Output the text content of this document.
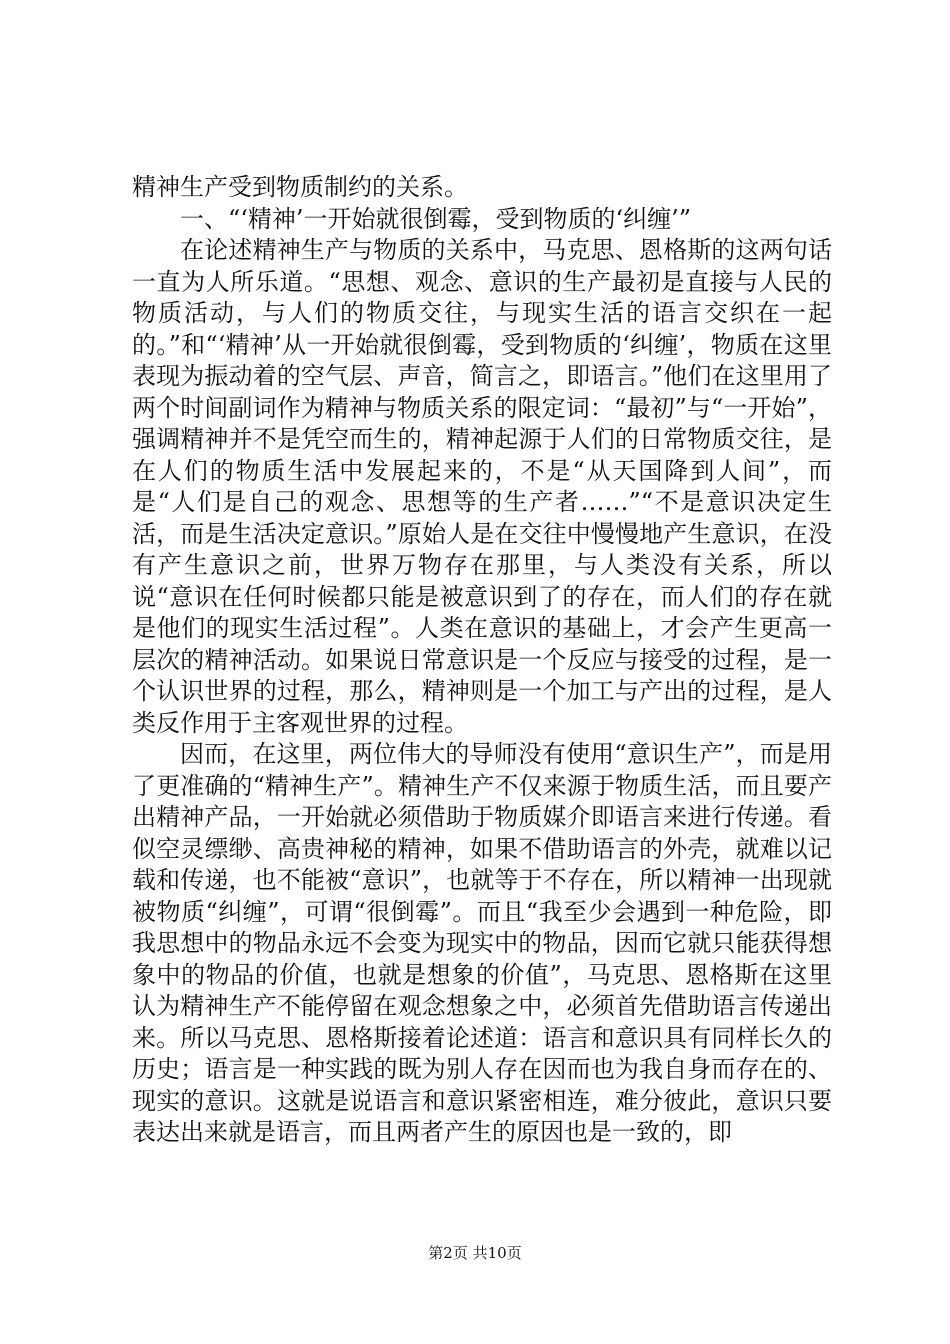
精神生产受到物质制约的关系。

一、“‘精神’一开始就很倒霉，受到物质的‘纠缠’”

在论述精神生产与物质的关系中，马克思、恩格斯的这两句话一直为人所乐道。“思想、观念、意识的生产最初是直接与人民的物质活动，与人们的物质交往，与现实生活的语言交织在一起的。”和“‘精神’从一开始就很倒霉，受到物质的‘纠缠’，物质在这里表现为振动着的空气层、声音，简言之，即语言。”他们在这里用了两个时间副词作为精神与物质关系的限定词：“最初”与“一开始”，强调精神并不是凭空而生的，精神起源于人们的日常物质交往，是在人们的物质生活中发展起来的，不是“从天国降到人间”，而是“人们是自己的观念、思想等的生产者……”“不是意识决定生活，而是生活决定意识。”原始人是在交往中慢慢地产生意识，在没有产生意识之前，世界万物存在那里，与人类没有关系，所以说“意识在任何时候都只能是被意识到了的存在，而人们的存在就是他们的现实生活过程”。人类在意识的基础上，才会产生更高一层次的精神活动。如果说日常意识是一个反应与接受的过程，是一个认识世界的过程，那么，精神则是一个加工与产出的过程，是人类反作用于主客观世界的过程。

因而，在这里，两位伟大的导师没有使用“意识生产”，而是用了更准确的“精神生产”。精神生产不仅来源于物质生活，而且要产出精神产品，一开始就必须借助于物质媒介即语言来进行传递。看似空灵缥缈、高贵神秘的精神，如果不借助语言的外壳，就难以记载和传递，也不能被“意识”，也就等于不存在，所以精神一出现就被物质“纠缠”，可谓“很倒霉”。而且“我至少会遇到一种危险，即我思想中的物品永远不会变为现实中的物品，因而它就只能获得想象中的物品的价值，也就是想象的价值”，马克思、恩格斯在这里认为精神生产不能停留在观念想象之中，必须首先借助语言传递出来。所以马克思、恩格斯接着论述道：语言和意识具有同样长久的历史；语言是一种实践的既为别人存在因而也为我自身而存在的、现实的意识。这就是说语言和意识紧密相连，难分彼此，意识只要表达出来就是语言，而且两者产生的原因也是一致的，即

第2页 共10页
